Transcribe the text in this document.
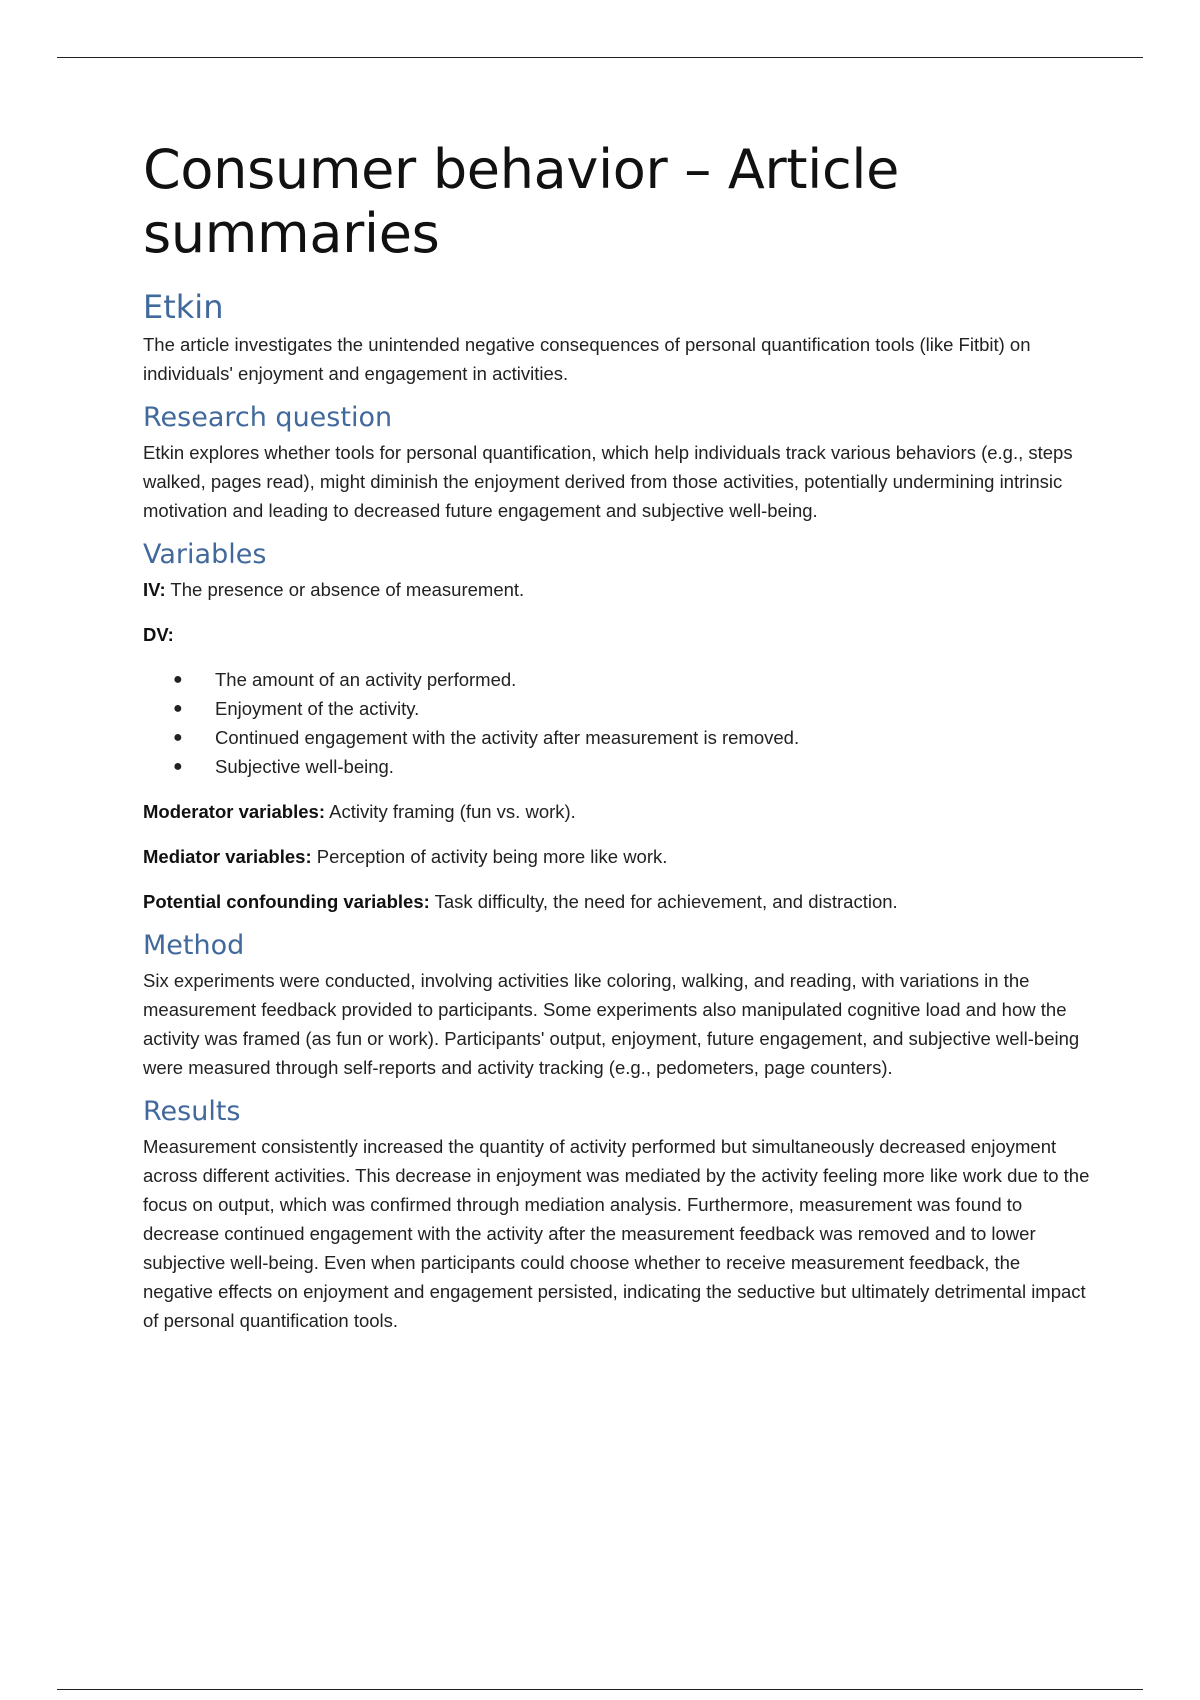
Consumer behavior – Article summaries
Etkin

The article investigates the unintended negative consequences of personal quantification tools (like Fitbit) on individuals' enjoyment and engagement in activities.

Research question

Etkin explores whether tools for personal quantification, which help individuals track various behaviors (e.g., steps walked, pages read), might diminish the enjoyment derived from those activities, potentially undermining intrinsic motivation and leading to decreased future engagement and subjective well-being.

Variables

IV: The presence or absence of measurement.

DV:

● The amount of an activity performed.
● Enjoyment of the activity.
● Continued engagement with the activity after measurement is removed.
● Subjective well-being.

Moderator variables: Activity framing (fun vs. work).

Mediator variables: Perception of activity being more like work.

Potential confounding variables: Task difficulty, the need for achievement, and distraction.

Method

Six experiments were conducted, involving activities like coloring, walking, and reading, with variations in the measurement feedback provided to participants. Some experiments also manipulated cognitive load and how the activity was framed (as fun or work). Participants' output, enjoyment, future engagement, and subjective well-being were measured through self-reports and activity tracking (e.g., pedometers, page counters).

Results

Measurement consistently increased the quantity of activity performed but simultaneously decreased enjoyment across different activities. This decrease in enjoyment was mediated by the activity feeling more like work due to the focus on output, which was confirmed through mediation analysis. Furthermore, measurement was found to decrease continued engagement with the activity after the measurement feedback was removed and to lower subjective well-being. Even when participants could choose whether to receive measurement feedback, the negative effects on enjoyment and engagement persisted, indicating the seductive but ultimately detrimental impact of personal quantification tools.
